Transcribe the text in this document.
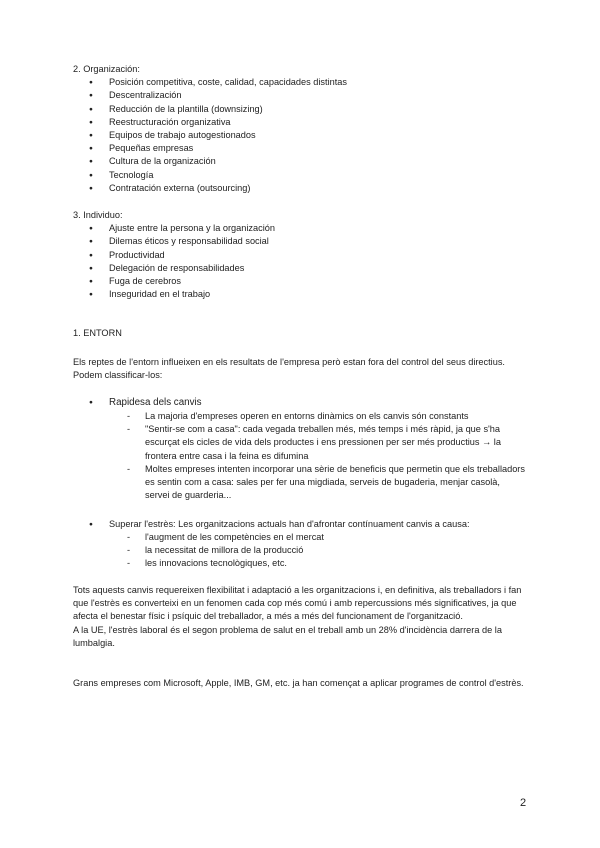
2. Organización:

● Posición competitiva, coste, calidad, capacidades distintas
● Descentralización
● Reducción de la plantilla (downsizing)
● Reestructuración organizativa
● Equipos de trabajo autogestionados
● Pequeñas empresas
● Cultura de la organización
● Tecnología
● Contratación externa (outsourcing)

3. Individuo:

● Ajuste entre la persona y la organización
● Dilemas éticos y responsabilidad social
● Productividad
● Delegación de responsabilidades
● Fuga de cerebros
● Inseguridad en el trabajo

1. ENTORN

Els reptes de l'entorn influeixen en els resultats de l'empresa però estan fora del control del seus directius.

Podem classificar-los:

● Rapidesa dels canvis
- La majoria d'empreses operen en entorns dinàmics on els canvis són constants
- "Sentir-se com a casa": cada vegada treballen més, més temps i més ràpid, ja que s'ha escurçat els cicles de vida dels productes i ens pressionen per ser més productius → la frontera entre casa i la feina es difumina
- Moltes empreses intenten incorporar una sèrie de beneficis que permetin que els treballadors es sentin com a casa: sales per fer una migdiada, serveis de bugaderia, menjar casolà, servei de guarderia...
● Superar l'estrès: Les organitzacions actuals han d'afrontar contínuament canvis a causa:
- l'augment de les competències en el mercat
- la necessitat de millora de la producció
- les innovacions tecnològiques, etc.

Tots aquests canvis requereixen flexibilitat i adaptació a les organitzacions i, en definitiva, als treballadors i fan que l'estrès es converteixi en un fenomen cada cop més comú i amb repercussions més significatives, ja que afecta el benestar físic i psíquic del treballador, a més a més del funcionament de l'organització.

A la UE, l'estrès laboral és el segon problema de salut en el treball amb un 28% d'incidència darrera de la lumbalgia.

Grans empreses com Microsoft, Apple, IMB, GM, etc. ja han començat a aplicar programes de control d'estrès.

2
